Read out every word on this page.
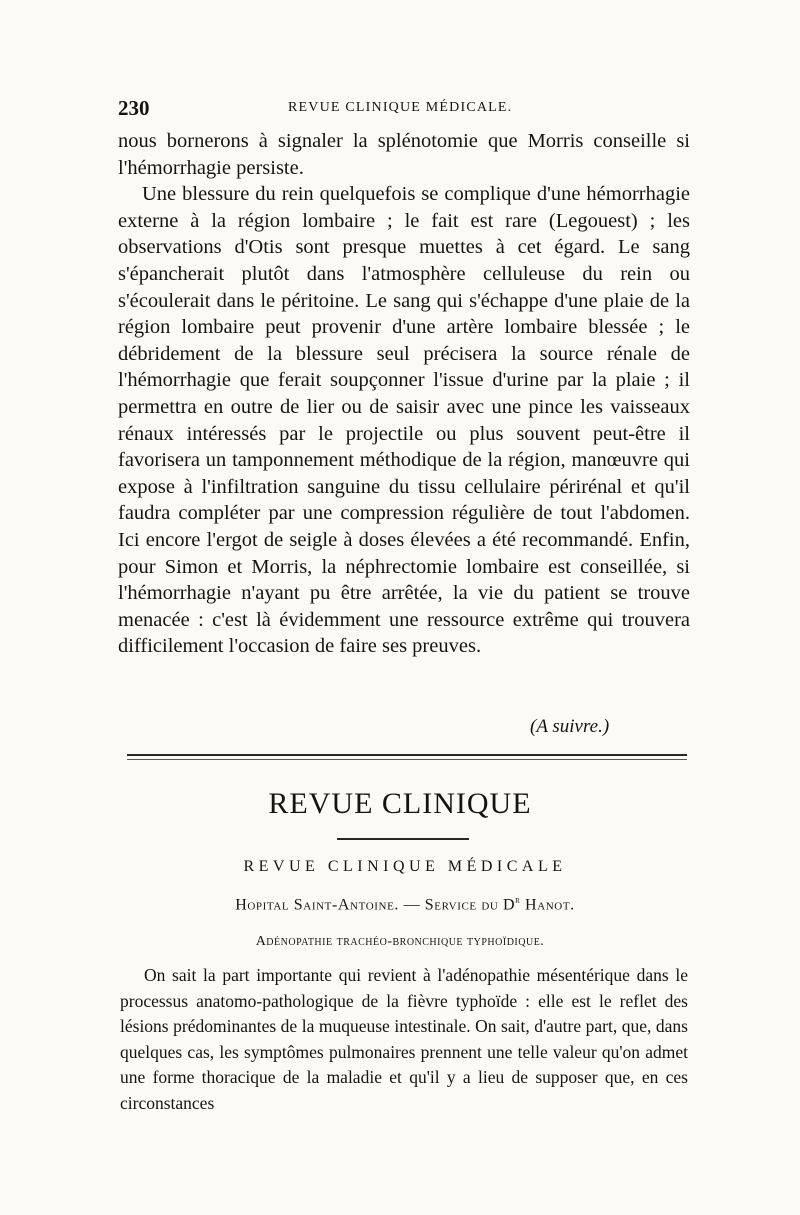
230	REVUE CLINIQUE MÉDICALE.

nous bornerons à signaler la splénotomie que Morris conseille si l'hémorrhagie persiste.

Une blessure du rein quelquefois se complique d'une hémorrhagie externe à la région lombaire ; le fait est rare (Legouest) ; les observations d'Otis sont presque muettes à cet égard. Le sang s'épancherait plutôt dans l'atmosphère celluleuse du rein ou s'écoulerait dans le péritoine. Le sang qui s'échappe d'une plaie de la région lombaire peut provenir d'une artère lombaire blessée ; le débridement de la blessure seul précisera la source rénale de l'hémorrhagie que ferait soupçonner l'issue d'urine par la plaie ; il permettra en outre de lier ou de saisir avec une pince les vaisseaux rénaux intéressés par le projectile ou plus souvent peut-être il favorisera un tamponnement méthodique de la région, manœuvre qui expose à l'infiltration sanguine du tissu cellulaire périrénal et qu'il faudra compléter par une compression régulière de tout l'abdomen. Ici encore l'ergot de seigle à doses élevées a été recommandé. Enfin, pour Simon et Morris, la néphrectomie lombaire est conseillée, si l'hémorrhagie n'ayant pu être arrêtée, la vie du patient se trouve menacée : c'est là évidemment une ressource extrême qui trouvera difficilement l'occasion de faire ses preuves.

(A suivre.)
REVUE CLINIQUE
REVUE CLINIQUE MÉDICALE
Hopital Saint-Antoine. — Service du $D^r$ Hanot.
Adénopathie trachéo-bronchique typhoïdique.

On sait la part importante qui revient à l'adénopathie mésentérique dans le processus anatomo-pathologique de la fièvre typhoïde : elle est le reflet des lésions prédominantes de la muqueuse intestinale. On sait, d'autre part, que, dans quelques cas, les symptômes pulmonaires prennent une telle valeur qu'on admet une forme thoracique de la maladie et qu'il y a lieu de supposer que, en ces circonstances
